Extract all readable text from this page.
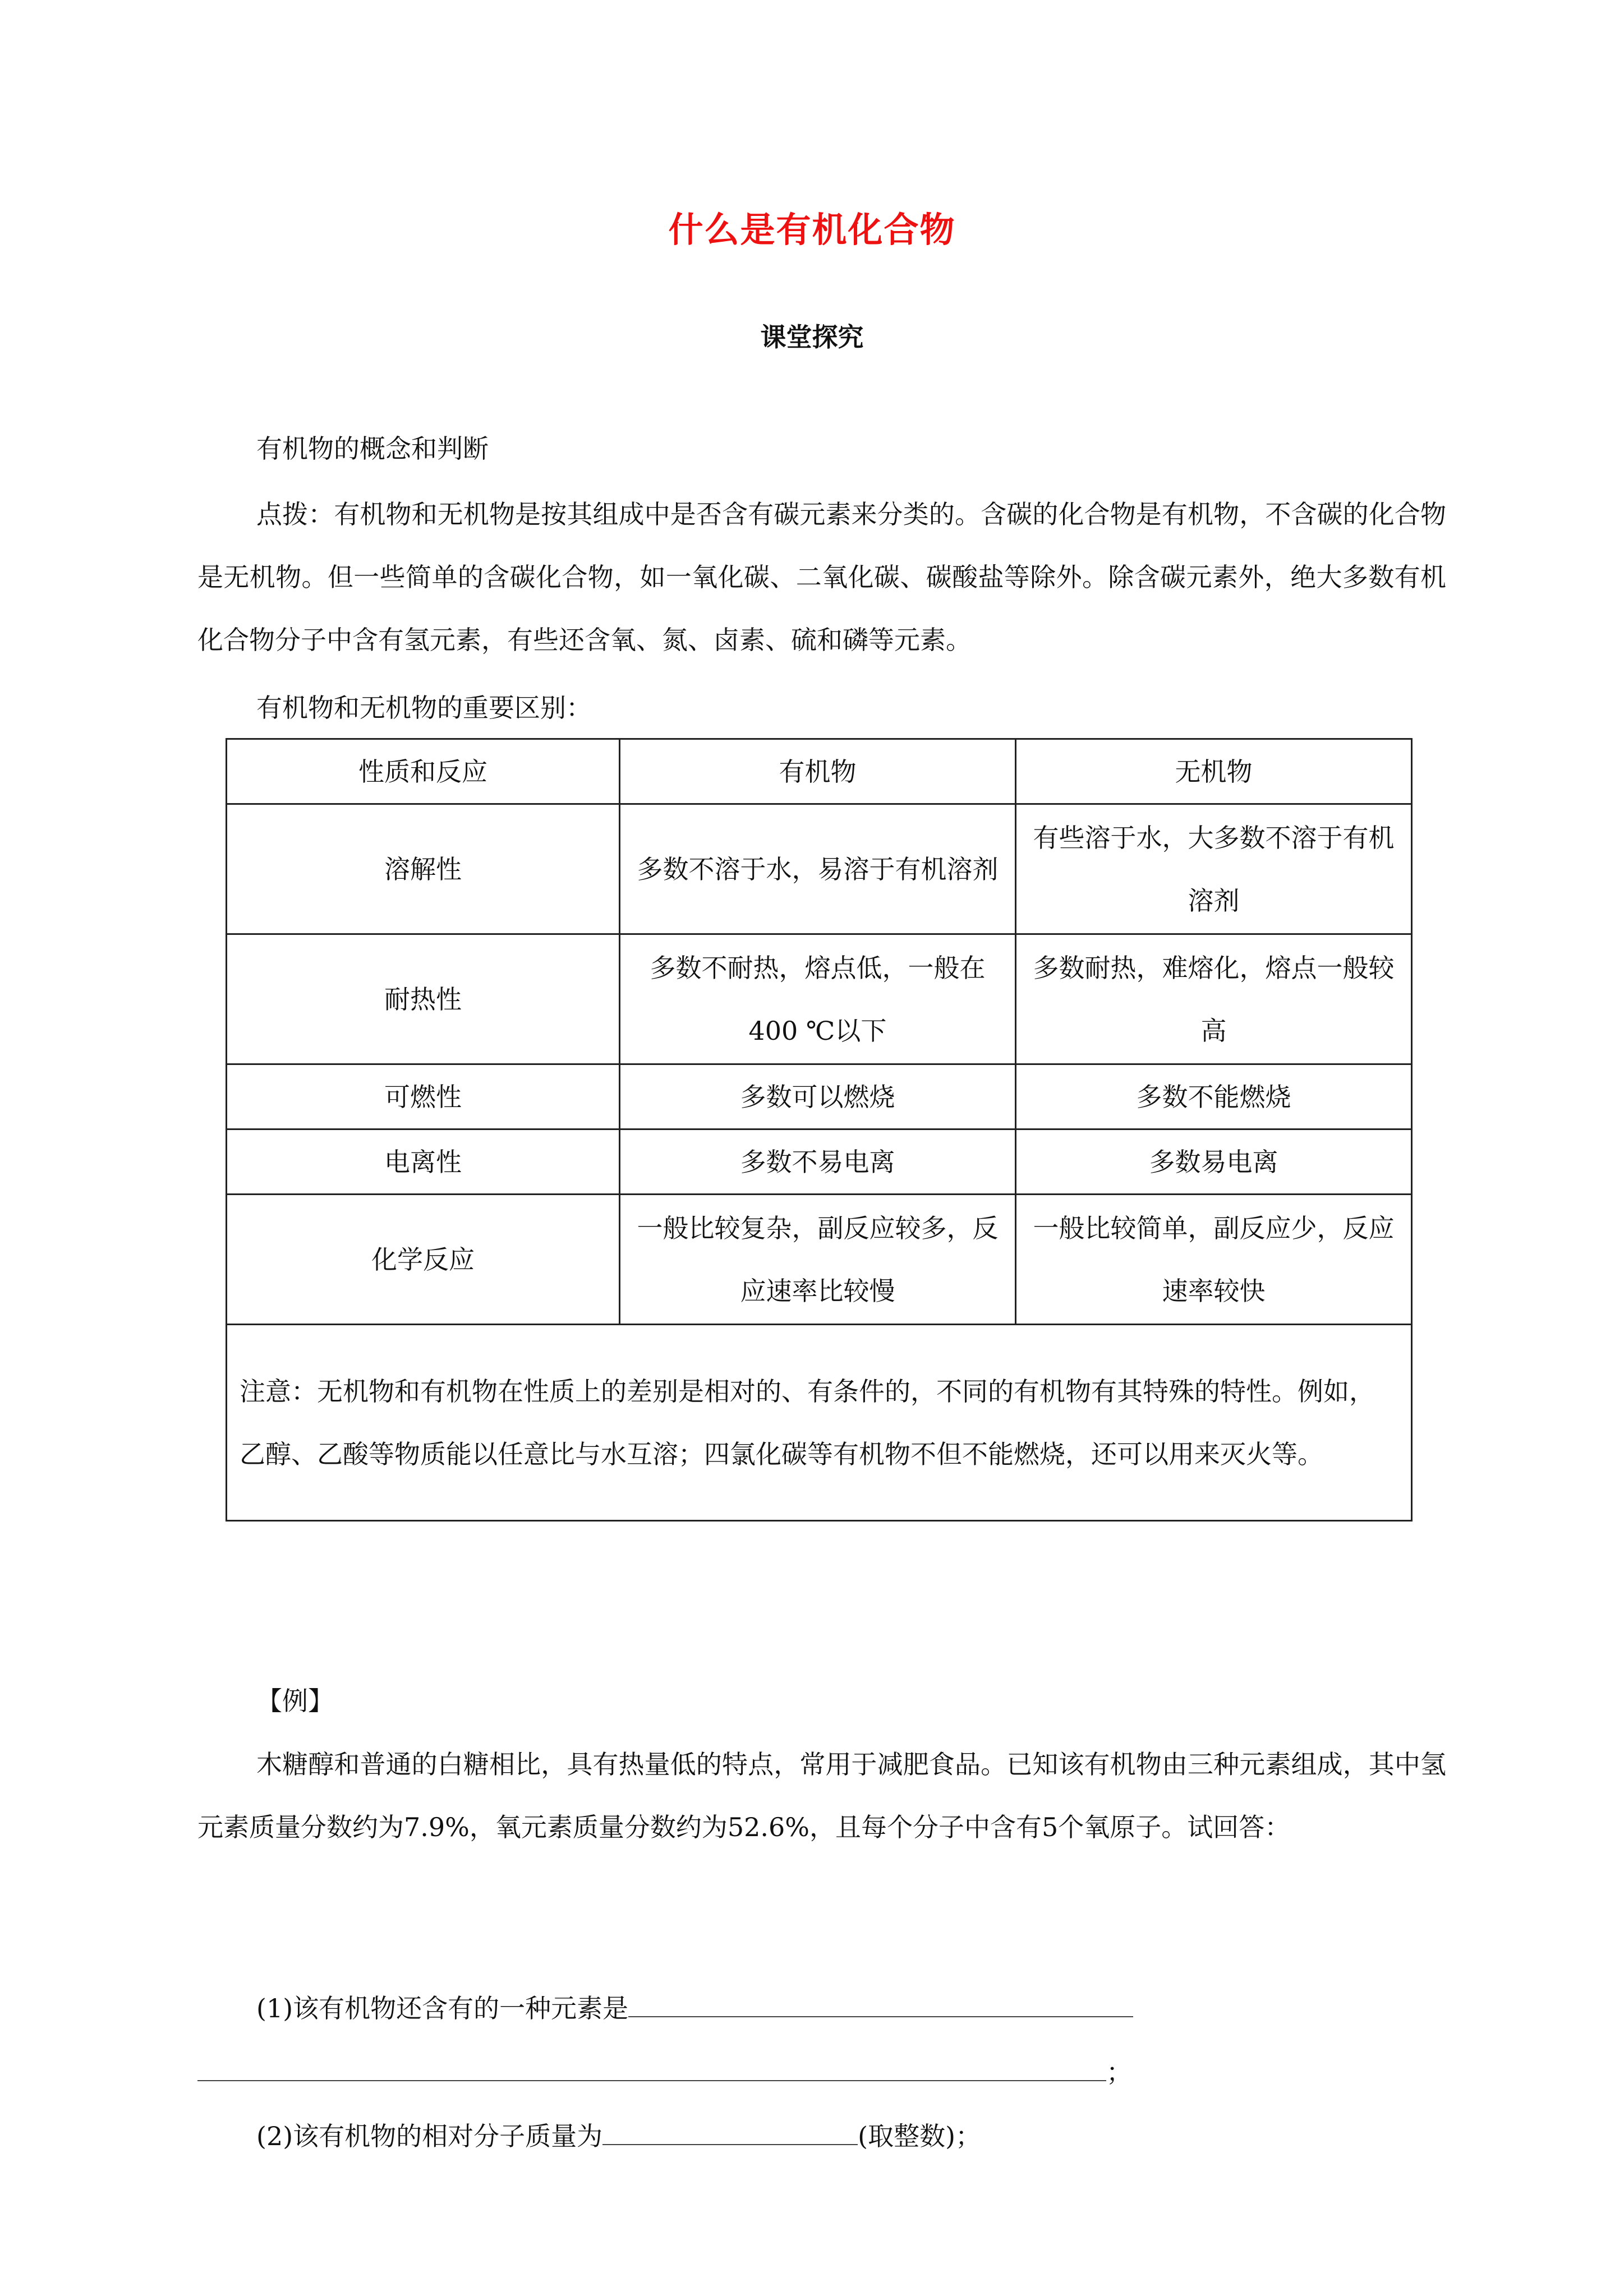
什么是有机化合物
课堂探究
有机物的概念和判断
点拨：有机物和无机物是按其组成中是否含有碳元素来分类的。含碳的化合物是有机物，不含碳的化合物是无机物。但一些简单的含碳化合物，如一氧化碳、二氧化碳、碳酸盐等除外。除含碳元素外，绝大多数有机化合物分子中含有氢元素，有些还含氧、氮、卤素、硫和磷等元素。
有机物和无机物的重要区别：
性质和反应	有机物	无机物
溶解性	多数不溶于水，易溶于有机溶剂	有些溶于水，大多数不溶于有机溶剂
耐热性	多数不耐热，熔点低，一般在400 ℃以下	多数耐热，难熔化，熔点一般较高
可燃性	多数可以燃烧	多数不能燃烧
电离性	多数不易电离	多数易电离
化学反应	一般比较复杂，副反应较多，反应速率比较慢	一般比较简单，副反应少，反应速率较快
注意：无机物和有机物在性质上的差别是相对的、有条件的，不同的有机物有其特殊的特性。例如，乙醇、乙酸等物质能以任意比与水互溶；四氯化碳等有机物不但不能燃烧，还可以用来灭火等。		
【例】
木糖醇和普通的白糖相比，具有热量低的特点，常用于减肥食品。已知该有机物由三种元素组成，其中氢元素质量分数约为7.9%，氧元素质量分数约为52.6%，且每个分子中含有5个氧原子。试回答：
(1)该有机物还含有的一种元素是
；
(2)该有机物的相对分子质量为	(取整数)；
